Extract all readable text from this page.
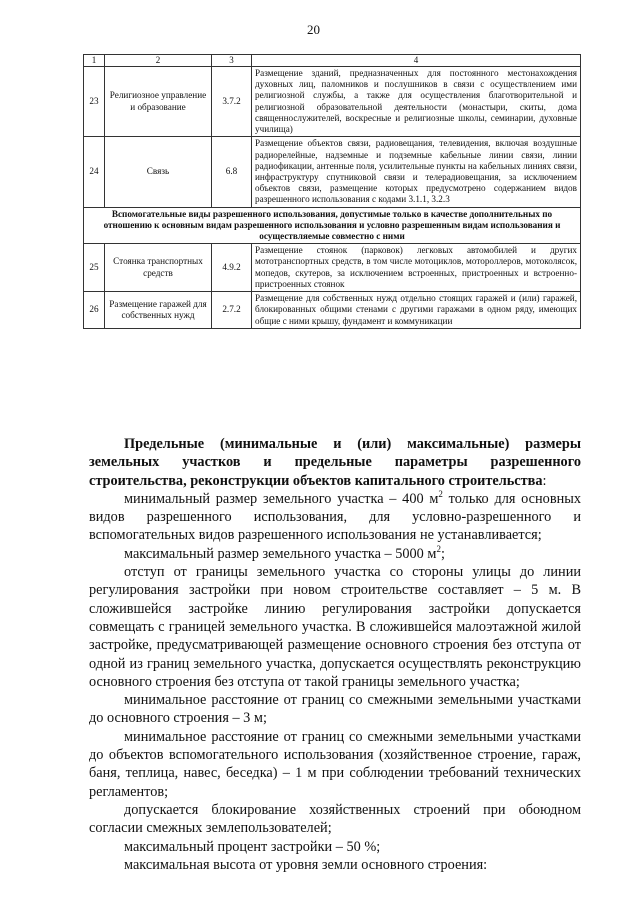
20
1	2	3	4
23	Религиозное управление и образование	3.7.2	Размещение зданий, предназначенных для постоянного местонахождения духовных лиц, паломников и послушников в связи с осуществлением ими религиозной службы, а также для осуществления благотворительной и религиозной образовательной деятельности (монастыри, скиты, дома священнослужителей, воскресные и религиозные школы, семинарии, духовные училища)
24	Связь	6.8	Размещение объектов связи, радиовещания, телевидения, включая воздушные радиорелейные, надземные и подземные кабельные линии связи, линии радиофикации, антенные поля, усилительные пункты на кабельных линиях связи, инфраструктуру спутниковой связи и телерадиовещания, за исключением объектов связи, размещение которых предусмотрено содержанием видов разрешенного использования с кодами 3.1.1, 3.2.3
Вспомогательные виды разрешенного использования, допустимые только в качестве дополнительных по отношению к основным видам разрешенного использования и условно разрешенным видам использования и осуществляемые совместно с ними			
25	Стоянка транспортных средств	4.9.2	Размещение стоянок (парковок) легковых автомобилей и других мототранспортных средств, в том числе мотоциклов, мотороллеров, мотоколясок, мопедов, скутеров, за исключением встроенных, пристроенных и встроенно-пристроенных стоянок
26	Размещение гаражей для собственных нужд	2.7.2	Размещение для собственных нужд отдельно стоящих гаражей и (или) гаражей, блокированных общими стенами с другими гаражами в одном ряду, имеющих общие с ними крышу, фундамент и коммуникации

Предельные (минимальные и (или) максимальные) размеры земельных участков и предельные параметры разрешенного строительства, реконструкции объектов капитального строительства:

минимальный размер земельного участка – 400 $м^2$ только для основных видов разрешенного использования, для условно-разрешенного и вспомогательных видов разрешенного использования не устанавливается;

максимальный размер земельного участка – 5000 $м^2$;

отступ от границы земельного участка со стороны улицы до линии регулирования застройки при новом строительстве составляет – 5 м. В сложившейся застройке линию регулирования застройки допускается совмещать с границей земельного участка. В сложившейся малоэтажной жилой застройке, предусматривающей размещение основного строения без отступа от одной из границ земельного участка, допускается осуществлять реконструкцию основного строения без отступа от такой границы земельного участка;

минимальное расстояние от границ со смежными земельными участками до основного строения – 3 м;

минимальное расстояние от границ со смежными земельными участками до объектов вспомогательного использования (хозяйственное строение, гараж, баня, теплица, навес, беседка) – 1 м при соблюдении требований технических регламентов;

допускается блокирование хозяйственных строений при обоюдном согласии смежных землепользователей;

максимальный процент застройки – 50 %;

максимальная высота от уровня земли основного строения:
